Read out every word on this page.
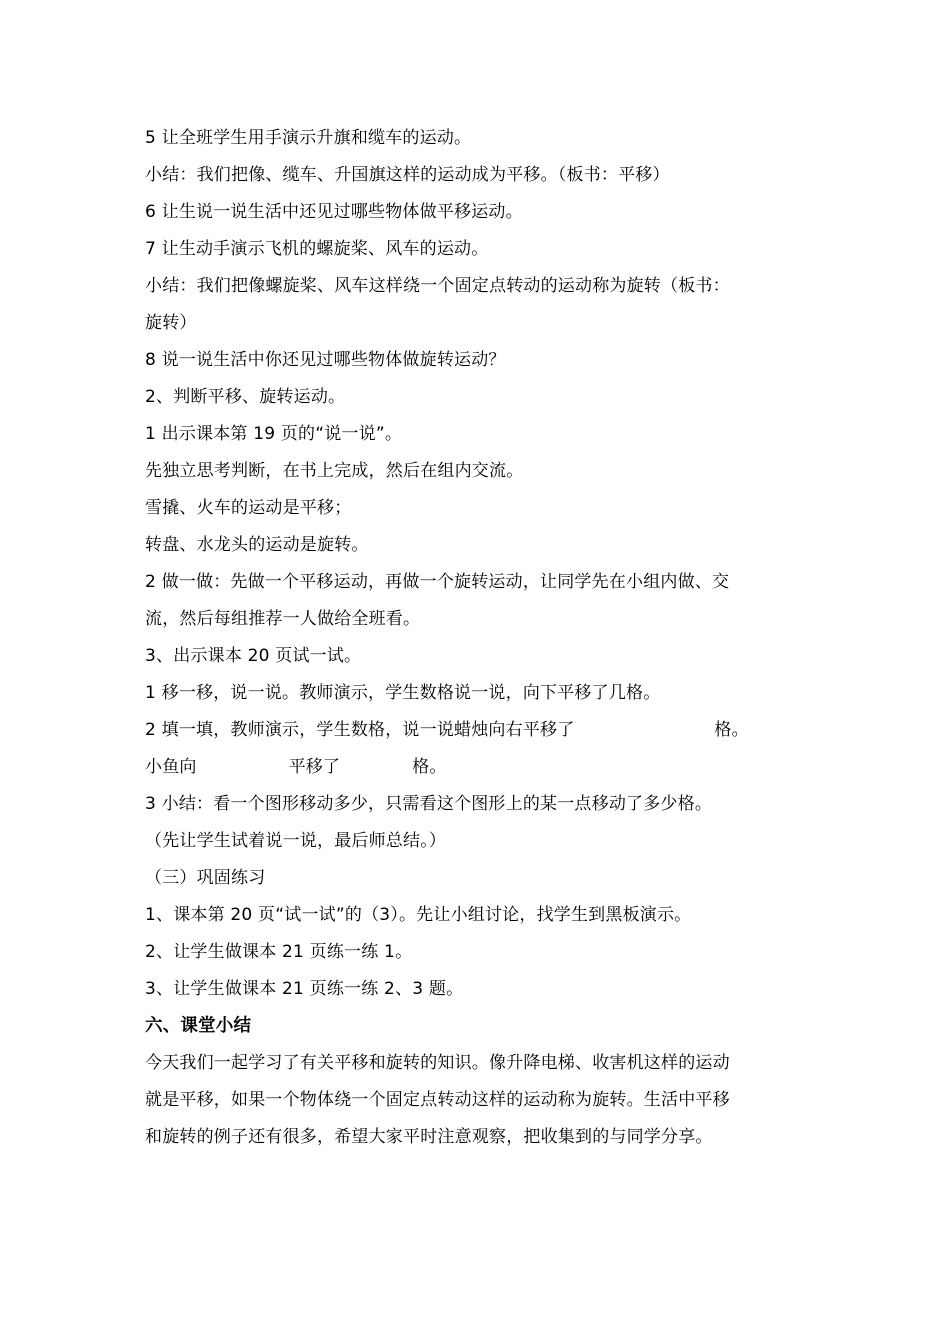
5 让全班学生用手演示升旗和缆车的运动。
小结：我们把像、缆车、升国旗这样的运动成为平移。（板书：平移）
6 让生说一说生活中还见过哪些物体做平移运动。
7 让生动手演示飞机的螺旋桨、风车的运动。
小结：我们把像螺旋桨、风车这样绕一个固定点转动的运动称为旋转（板书：
旋转）
8 说一说生活中你还见过哪些物体做旋转运动？
2、判断平移、旋转运动。
1 出示课本第 19 页的“说一说”。
先独立思考判断，在书上完成，然后在组内交流。
雪撬、火车的运动是平移；
转盘、水龙头的运动是旋转。
2 做一做：先做一个平移运动，再做一个旋转运动，让同学先在小组内做、交
流，然后每组推荐一人做给全班看。
3、出示课本 20 页试一试。
1 移一移，说一说。教师演示，学生数格说一说，向下平移了几格。
2 填一填，教师演示，学生数格，说一说蜡烛向右平移了	格。
小鱼向	平移了	格。
3 小结：看一个图形移动多少，只需看这个图形上的某一点移动了多少格。
（先让学生试着说一说，最后师总结。）
（三）巩固练习
1、课本第 20 页“试一试”的（3）。先让小组讨论，找学生到黑板演示。
2、让学生做课本 21 页练一练 1。
3、让学生做课本 21 页练一练 2、3 题。
六、课堂小结
今天我们一起学习了有关平移和旋转的知识。像升降电梯、收害机这样的运动
就是平移，如果一个物体绕一个固定点转动这样的运动称为旋转。生活中平移
和旋转的例子还有很多，希望大家平时注意观察，把收集到的与同学分享。
